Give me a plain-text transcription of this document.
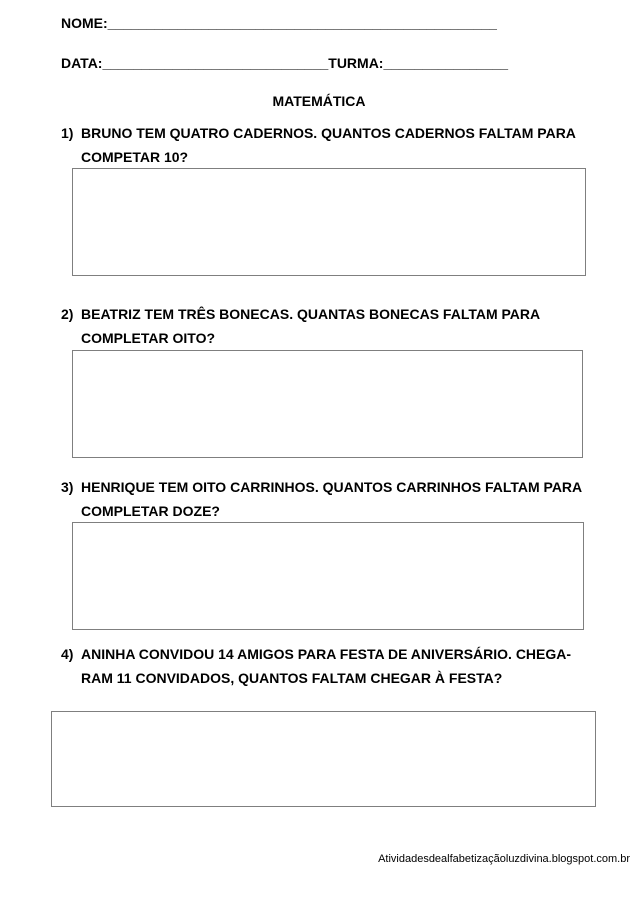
NOME:__________________________________________________
DATA:_____________________________TURMA:________________
MATEMÁTICA
1) BRUNO TEM QUATRO CADERNOS. QUANTOS CADERNOS FALTAM PARA COMPETAR 10?
2) BEATRIZ TEM TRÊS BONECAS. QUANTAS BONECAS FALTAM PARA COMPLETAR OITO?
3) HENRIQUE TEM OITO CARRINHOS. QUANTOS CARRINHOS FALTAM PARA COMPLETAR DOZE?
4) ANINHA CONVIDOU 14 AMIGOS PARA FESTA DE ANIVERSÁRIO. CHEGA-RAM 11 CONVIDADOS, QUANTOS FALTAM CHEGAR À FESTA?
Atividadesdealfabetizaçãoluzdivina.blogspot.com.br
